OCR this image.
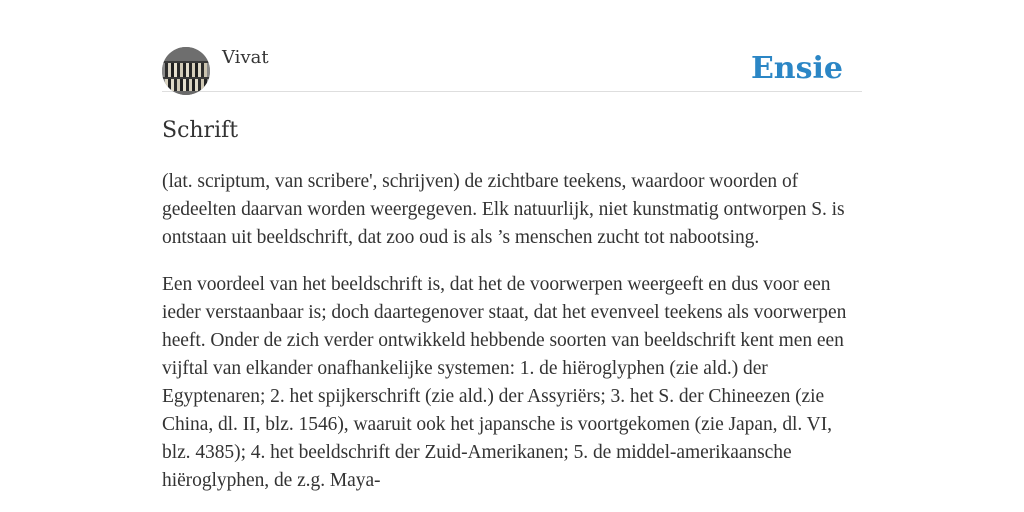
Vivat	Ensie
Schrift

(lat. scriptum, van scribere', schrijven) de zichtbare teekens, waardoor woorden of gedeelten daarvan worden weergegeven. Elk natuurlijk, niet kunstmatig ontworpen S. is ontstaan uit beeldschrift, dat zoo oud is als ’s menschen zucht tot nabootsing.

Een voordeel van het beeldschrift is, dat het de voorwerpen weergeeft en dus voor een ieder verstaanbaar is; doch daartegenover staat, dat het evenveel teekens als voorwerpen heeft. Onder de zich verder ontwikkeld hebbende soorten van beeldschrift kent men een vijftal van elkander onafhankelijke systemen: 1. de hiëroglyphen (zie ald.) der Egyptenaren; 2. het spijkerschrift (zie ald.) der Assyriërs; 3. het S. der Chineezen (zie China, dl. II, blz. 1546), waaruit ook het japansche is voortgekomen (zie Japan, dl. VI, blz. 4385); 4. het beeldschrift der Zuid-Amerikanen; 5. de middel-amerikaansche hiëroglyphen, de z.g. Maya-
